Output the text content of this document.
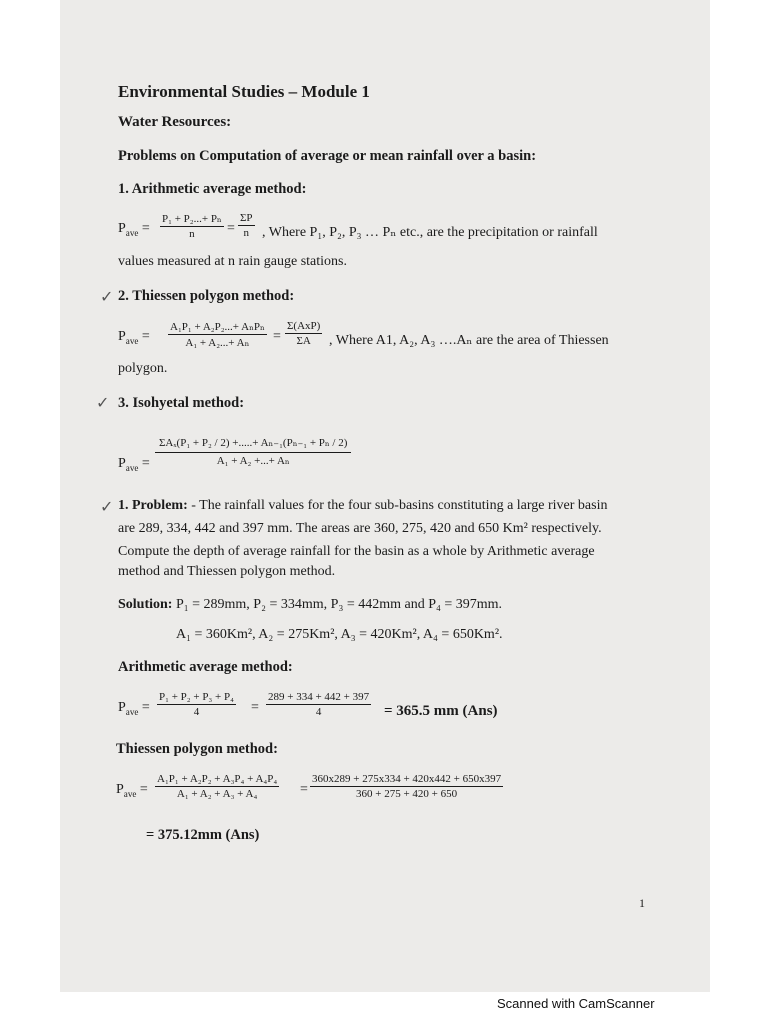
Environmental Studies – Module 1
Water Resources:
Problems on Computation of average or mean rainfall over a basin:
1. Arithmetic average method:
$P_{ave} = \frac{\text{P₁ + P₂...+ Pₙ}}{n} = \frac{\Sigma P}{n}$ , Where P₁, P₂, P₃ … Pₙ etc., are the precipitation or rainfall
values measured at n rain gauge stations.
✓ 2. Thiessen polygon method:
$P_{ave}$ =
A₁P₁ + A₂P₂...+ AₙPₙ
A₁ + A₂...+ Aₙ	=
Σ(AxP)
ΣA	, Where A1, A₂, A₃ ….Aₙ are the area of Thiessen
polygon.
✓ 3. Isohyetal method:
$P_{ave}$ =
ΣAₓ(P₁ + P₂ / 2) +.....+ Aₙ₋₁(Pₙ₋₁ + Pₙ / 2)
A₁ + A₂ +...+ Aₙ
✓ 1. Problem: - The rainfall values for the four sub-basins constituting a large river basin
are 289, 334, 442 and 397 mm. The areas are 360, 275, 420 and 650 Km² respectively.
Compute the depth of average rainfall for the basin as a whole by Arithmetic average
method and Thiessen polygon method.
Solution: P₁ = 289mm, P₂ = 334mm, P₃ = 442mm and P₄ = 397mm.
A₁ = 360Km², A₂ = 275Km², A₃ = 420Km², A₄ = 650Km².
Arithmetic average method:
$P_{ave} = \frac{\text{P₁ + P₂ + P₃ + P₄}}{4} = \frac{289 + 334 + 442 + 397}{4} = 365.5$ mm (Ans)
Thiessen polygon method:
$P_{ave} = \frac{\text{A₁P₁ + A₂P₂ + A₃P₄ + A₄P₄}}{\text{A₁ + A₂ + A₃ + A₄}} = \frac{360x289 + 275x334 + 420x442 + 650x397}{360 + 275 + 420 + 650}$
= 375.12mm (Ans)
1
Scanned with CamScanner
